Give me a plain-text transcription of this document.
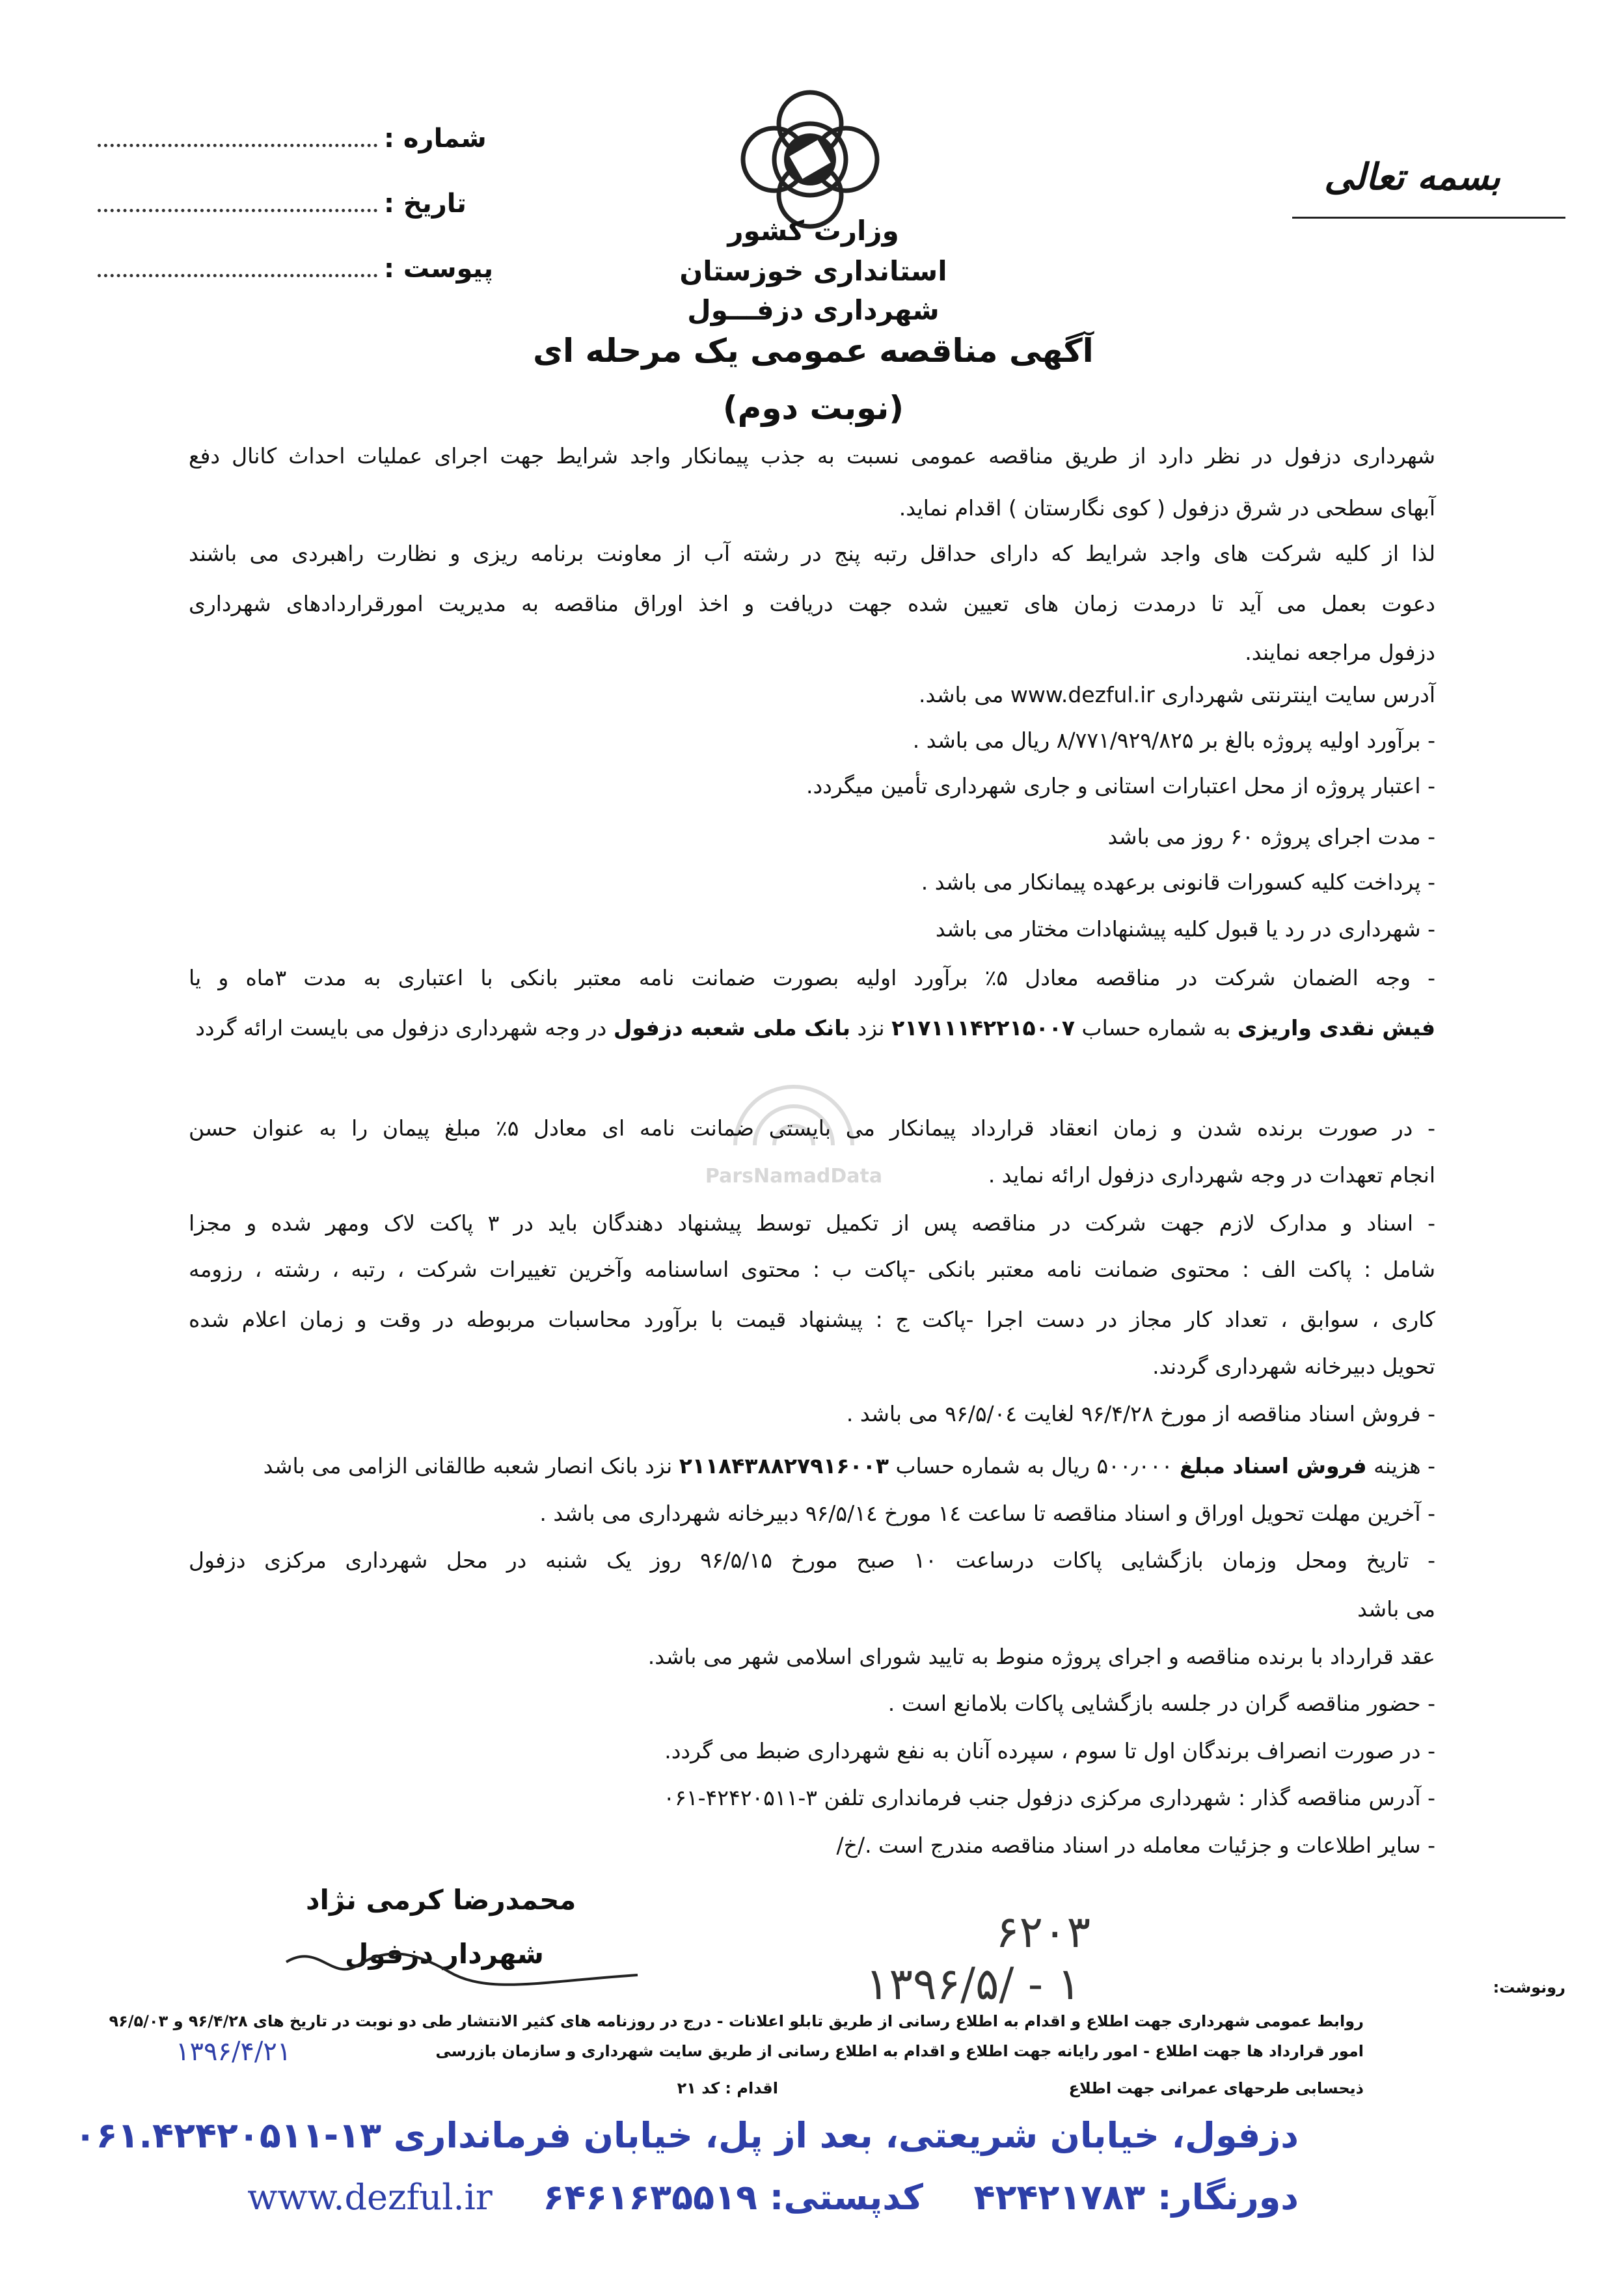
بسمه تعالی
شماره :
تاریخ :
پیوست :
وزارت کشور
استانداری خوزستان
شهرداری دزفـــول
آگهی مناقصه عمومی یک مرحله ای
(نوبت دوم)
شهرداری دزفول در نظر دارد از طریق مناقصه عمومی نسبت به جذب پیمانکار واجد شرایط جهت اجرای عملیات احداث کانال دفع
آبهای سطحی در شرق دزفول ( کوی نگارستان ) اقدام نماید.
لذا از کلیه شرکت های واجد شرایط که دارای حداقل رتبه پنج در رشته آب از معاونت برنامه ریزی و نظارت راهبردی می باشند
دعوت بعمل می آید تا درمدت زمان های تعیین شده جهت دریافت و اخذ اوراق مناقصه به مدیریت امورقراردادهای شهرداری
دزفول مراجعه نمایند.
آدرس سایت اینترنتی شهرداری www.dezful.ir می باشد.
- برآورد اولیه پروژه بالغ بر ۸/۷۷۱/۹۲۹/۸۲۵ ریال می باشد .
- اعتبار پروژه از محل اعتبارات استانی و جاری شهرداری تأمین میگردد.
- مدت اجرای پروژه ۶۰ روز می باشد
- پرداخت کلیه کسورات قانونی برعهده پیمانکار می باشد .
- شهرداری در رد یا قبول کلیه پیشنهادات مختار می باشد
- وجه الضمان شرکت در مناقصه معادل ۵٪ برآورد اولیه بصورت ضمانت نامه معتبر بانکی با اعتباری به مدت ۳ماه و یا
فیش نقدی واریزی به شماره حساب ۲۱۷۱۱۱۴۲۲۱۵۰۰۷ نزد بانک ملی شعبه دزفول در وجه شهرداری دزفول می بایست ارائه گردد
ParsNamadData
- در صورت برنده شدن و زمان انعقاد قرارداد پیمانکار می بایستی ضمانت نامه ای معادل ۵٪ مبلغ پیمان را به عنوان حسن
انجام تعهدات در وجه شهرداری دزفول ارائه نماید .
- اسناد و مدارک لازم جهت شرکت در مناقصه پس از تکمیل توسط پیشنهاد دهندگان باید در ۳ پاکت لاک ومهر شده و مجزا
شامل : پاکت الف : محتوی ضمانت نامه معتبر بانکی -پاکت ب : محتوی اساسنامه وآخرین تغییرات شرکت ، رتبه ، رشته ، رزومه
کاری ، سوابق ، تعداد کار مجاز در دست اجرا -پاکت ج : پیشنهاد قیمت با برآورد محاسبات مربوطه در وقت و زمان اعلام شده
تحویل دبیرخانه شهرداری گردند.
- فروش اسناد مناقصه از مورخ ۹۶/۴/۲۸ لغایت ۹۶/۵/۰٤ می باشد .
- هزینه فروش اسناد مبلغ ۵۰۰٫۰۰۰ ریال به شماره حساب ۲۱۱۸۴۳۸۸۲۷۹۱۶۰۰۳ نزد بانک انصار شعبه طالقانی الزامی می باشد
- آخرین مهلت تحویل اوراق و اسناد مناقصه تا ساعت ۱٤ مورخ ۹۶/۵/۱٤ دبیرخانه شهرداری می باشد .
- تاریخ ومحل وزمان بازگشایی پاکات درساعت ۱۰ صبح مورخ ۹۶/۵/۱۵ روز یک شنبه در محل شهرداری مرکزی دزفول
می باشد
عقد قرارداد با برنده مناقصه و اجرای پروژه منوط به تایید شورای اسلامی شهر می باشد.
- حضور مناقصه گران در جلسه بازگشایی پاکات بلامانع است .
- در صورت انصراف برندگان اول تا سوم ، سپرده آنان به نفع شهرداری ضبط می گردد.
- آدرس مناقصه گذار : شهرداری مرکزی دزفول جنب فرمانداری تلفن ۳-۴۲۴۲۰۵۱۱-۰۶۱
- سایر اطلاعات و جزئیات معامله در اسناد مناقصه مندرج است ./خ/
محمدرضا کرمی نژاد
شهردار دزفول	۶۲۰۳
۱۳۹۶/۵/ - ۱	رونوشت:
روابط عمومی شهرداری جهت اطلاع و اقدام به اطلاع رسانی از طریق تابلو اعلانات - درج در روزنامه های کثیر الانتشار طی دو نوبت در تاریخ های ۹۶/۴/۲۸ و ۹۶/۵/۰۳
امور قرارداد ها جهت اطلاع - امور رایانه جهت اطلاع و اقدام به اطلاع رسانی از طریق سایت شهرداری و سازمان بازرسی
ذیحسابی طرحهای عمرانی جهت اطلاع
اقدام : کد ۲۱
۱۳۹۶/۴/۲۱
دزفول، خیابان شریعتی، بعد از پل، خیابان فرمانداری ۱۳-۰۶۱.۴۲۴۲۰۵۱۱
دورنگار: ۴۲۴۲۱۷۸۳  کدپستی: ۶۴۶۱۶۳۵۵۱۹  www.dezful.ir
